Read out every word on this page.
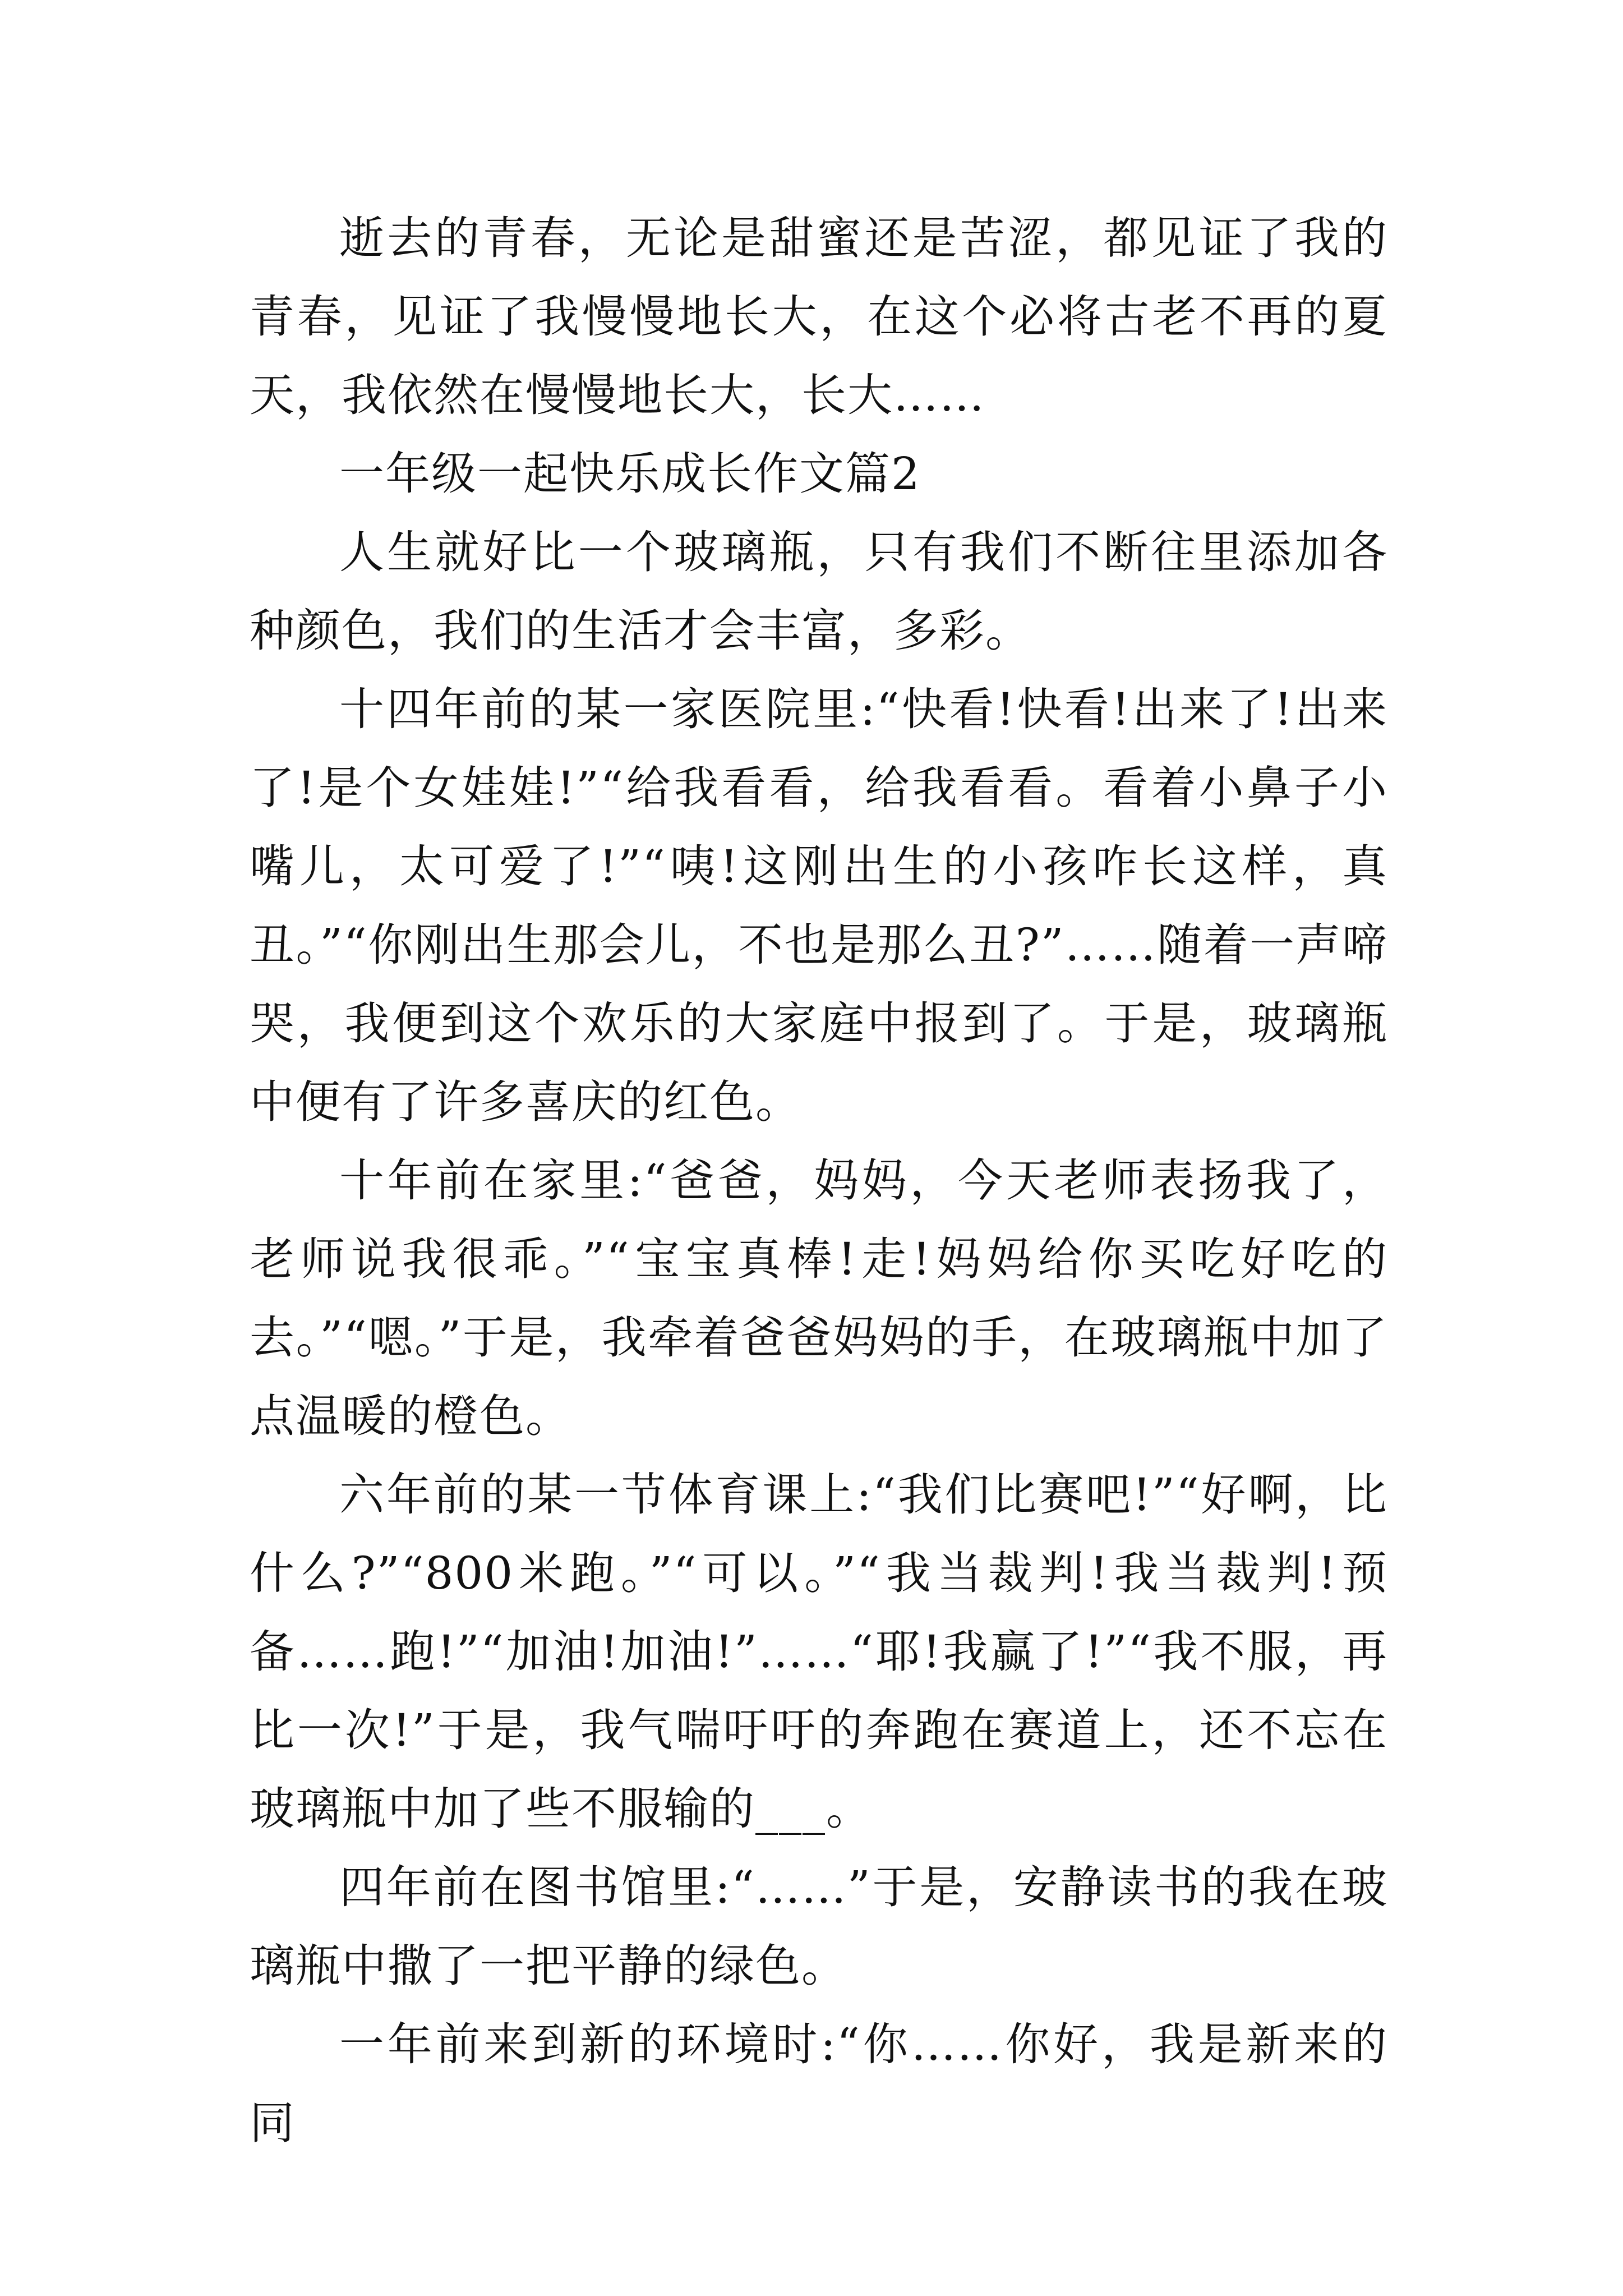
逝去的青春，无论是甜蜜还是苦涩，都见证了我的青春，见证了我慢慢地长大，在这个必将古老不再的夏天，我依然在慢慢地长大，长大……

一年级一起快乐成长作文篇2

人生就好比一个玻璃瓶，只有我们不断往里添加各种颜色，我们的生活才会丰富，多彩。

十四年前的某一家医院里:“快看!快看!出来了!出来了!是个女娃娃!”“给我看看，给我看看。看着小鼻子小嘴儿，太可爱了!”“咦!这刚出生的小孩咋长这样，真丑。”“你刚出生那会儿，不也是那么丑?”……随着一声啼哭，我便到这个欢乐的大家庭中报到了。于是，玻璃瓶中便有了许多喜庆的红色。

十年前在家里:“爸爸，妈妈，今天老师表扬我了，老师说我很乖。”“宝宝真棒!走!妈妈给你买吃好吃的去。”“嗯。”于是，我牵着爸爸妈妈的手，在玻璃瓶中加了点温暖的橙色。

六年前的某一节体育课上:“我们比赛吧!”“好啊，比什么?”“800米跑。”“可以。”“我当裁判!我当裁判!预备……跑!”“加油!加油!”……“耶!我赢了!”“我不服，再比一次!”于是，我气喘吁吁的奔跑在赛道上，还不忘在玻璃瓶中加了些不服输的___。

四年前在图书馆里:“……”于是，安静读书的我在玻璃瓶中撒了一把平静的绿色。

一年前来到新的环境时:“你……你好，我是新来的同
